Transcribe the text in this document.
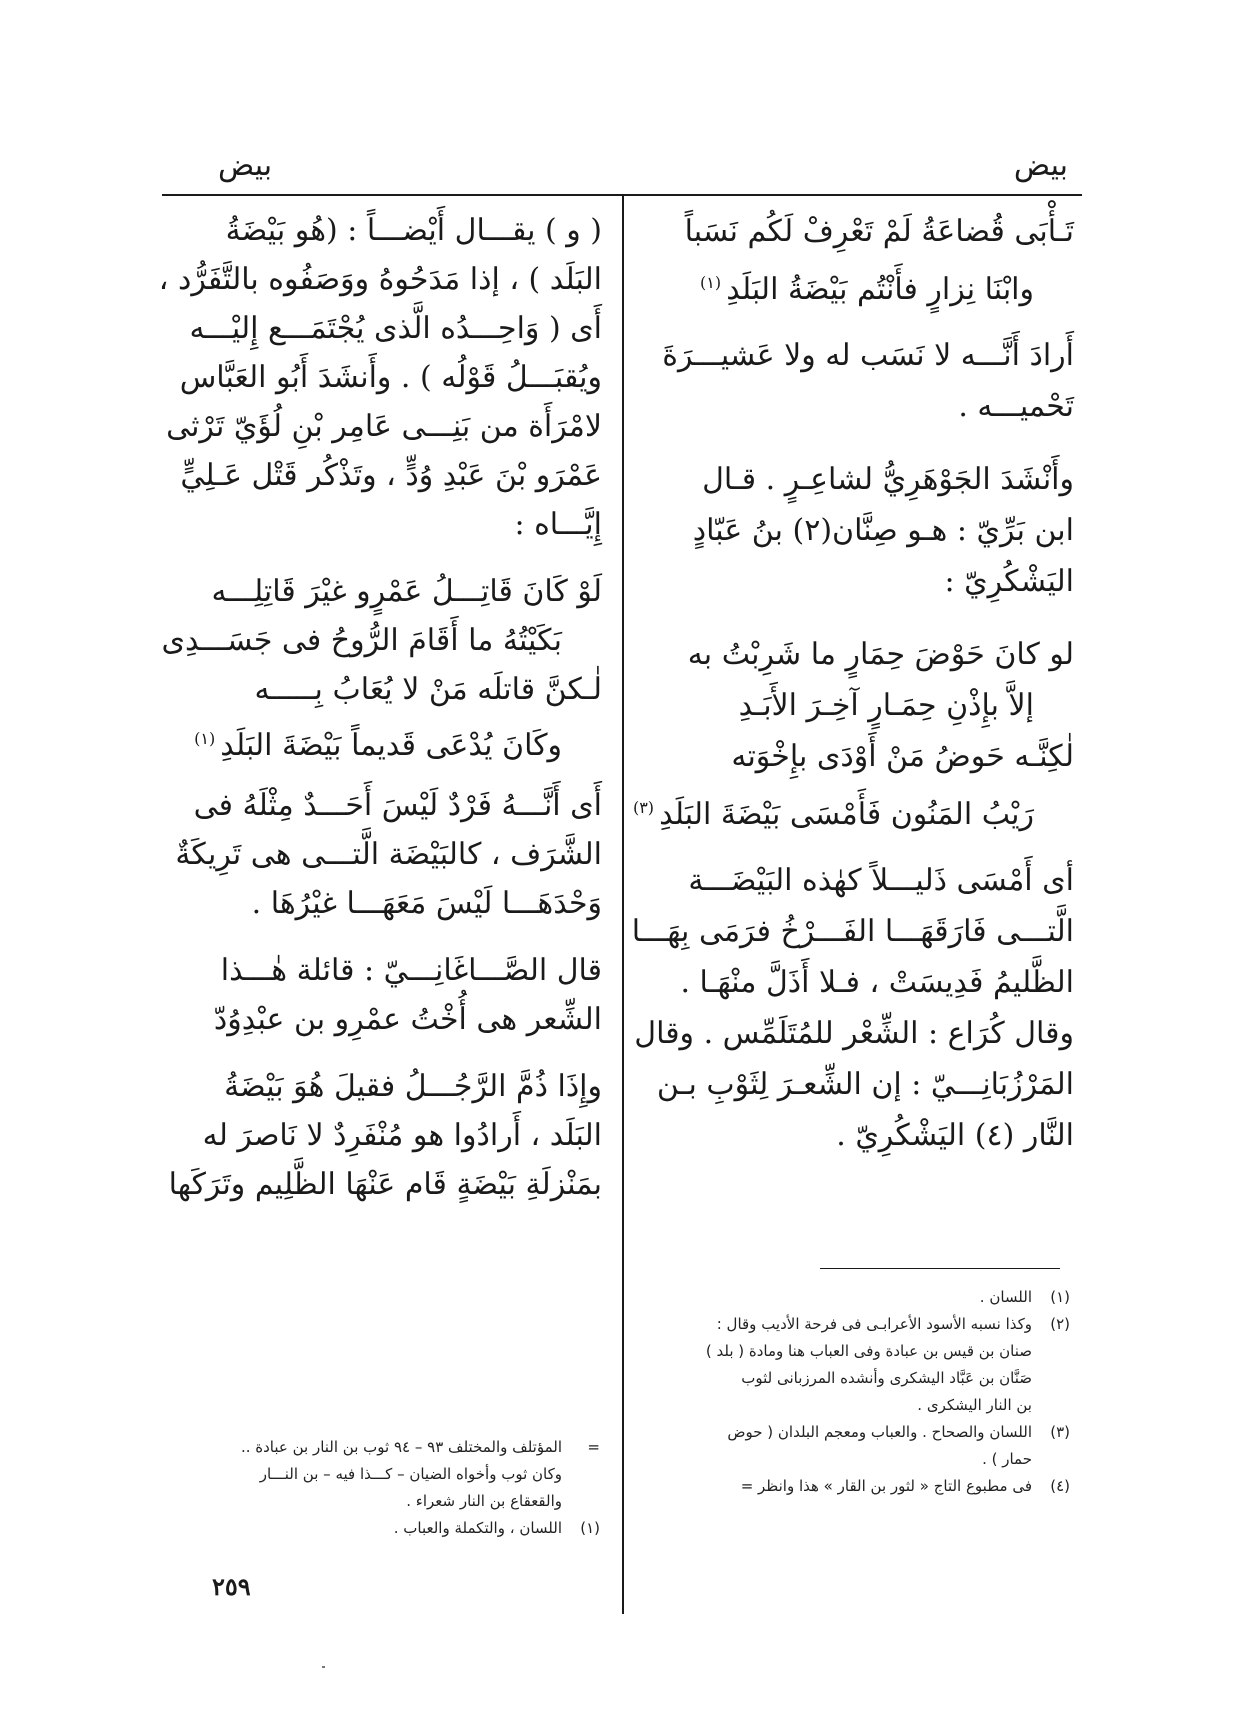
بيض
بيض
تَـأْبَى قُضاعَةُ لَمْ تَعْرِفْ لَكُم نَسَباً
وابْنَا نِزارٍ فأَنْتُم بَيْضَةُ البَلَدِ $^{(١)}$
أَرادَ أَنَّـــه لا نَسَب له ولا عَشيـــرَةَ
تَحْميـــه .
وأَنْشَدَ الجَوْهَرِيُّ لشاعِـرٍ . قـال
ابن بَرِّيّ : هـو صِنَّان(٢) بنُ عَبّادٍ
اليَشْكُرِيّ :
لو كانَ حَوْضَ حِمَارٍ ما شَرِبْتُ به
إلاَّ بإِذْنِ حِمَـارٍ آخِـرَ الأَبَـدِ
لٰكِنَّـه حَوضُ مَنْ أَوْدَى بإِخْوَته
رَيْبُ المَنُون فَأَمْسَى بَيْضَةَ البَلَدِ $^{(٣)}$
أى أَمْسَى ذَليـــلاً كهٰذه البَيْضَـــة
الَّتـــى فَارَقَهَـــا الفَـــرْخُ فرَمَى بِهَـــا
الظَّليمُ فَدِيسَتْ ، فـلا أَذَلَّ منْهَـا .
وقال كُرَاع : الشِّعْر للمُتَلَمِّس . وقال
المَرْزُبَانِـــيّ : إن الشِّعـرَ لِثَوْبِ بـن
النَّار (٤) اليَشْكُرِيّ .
( و ) يقـــال أَيْضـــاً : (هُو بَيْضَةُ
البَلَد ) ، إذا مَدَحُوهُ ووَصَفُوه بالتَّفَرُّد ،
أَى ( وَاحِـــدُه الَّذى يُجْتَمَـــع إِليْـــه
ويُقبَـــلُ قَوْلُه ) . وأَنشَدَ أَبُو العَبَّاس
لامْرَأَة من بَنِـــى عَامِر بْنِ لُؤَيّ تَرْثى
عَمْرَو بْنَ عَبْدِ وُدٍّ ، وتَذْكُر قَتْل عَـلِيٍّ
إِيَّـــاه :
لَوْ كَانَ قَاتِـــلُ عَمْرٍو غيْرَ قَاتِلِـــه
بَكَيْتُهُ ما أَقَامَ الرُّوحُ فى جَسَـــدِى
لٰـكنَّ قاتلَه مَنْ لا يُعَابُ بِـــــه
وكَانَ يُدْعَى قَديماً بَيْضَةَ البَلَدِ $^{(١)}$
أَى أَنَّـــهُ فَرْدٌ لَيْسَ أَحَـــدٌ مِثْلَهُ فى
الشَّرَف ، كالبَيْضَة الَّتـــى هى تَرِيكَةٌ
وَحْدَهَـــا لَيْسَ مَعَهَـــا غيْرُهَا .
قال الصَّـــاغَانِـــيّ : قائلة هٰـــذا
الشِّعر هى أُخْتُ عمْرِو بن عبْدِوُدّ
وإِذَا ذُمَّ الرَّجُـــلُ فقيلَ هُوَ بَيْضَةُ
البَلَد ، أَرادُوا هو مُنْفَرِدٌ لا نَاصرَ له
بمَنْزلَةِ بَيْضَةٍ قَام عَنْهَا الظَّلِيم وتَرَكَها
(١)اللسان .
(٢)وكذا نسبه الأسود الأعرابـى فى فرحة الأديب وقال :
صنان بن قيس بن عبادة وفى العباب هنا ومادة ( بلد )
صَنَّان بن عَبَّاد اليشكرى وأنشده المرزبانى لثوب
بن النار اليشكرى .
(٣)اللسان والصحاح . والعباب ومعجم البلدان ( حوض
حمار ) .
(٤)فى مطبوع التاج « لثور بن القار » هذا وانظر =
=المؤتلف والمختلف ٩٣ – ٩٤ ثوب بن النار بن عبادة ..
وكان ثوب وأخواه الضيان – كـــذا فيه – بن النـــار
والقعقاع بن النار شعراء .
(١)اللسان ، والتكملة والعباب .
٢٥٩
